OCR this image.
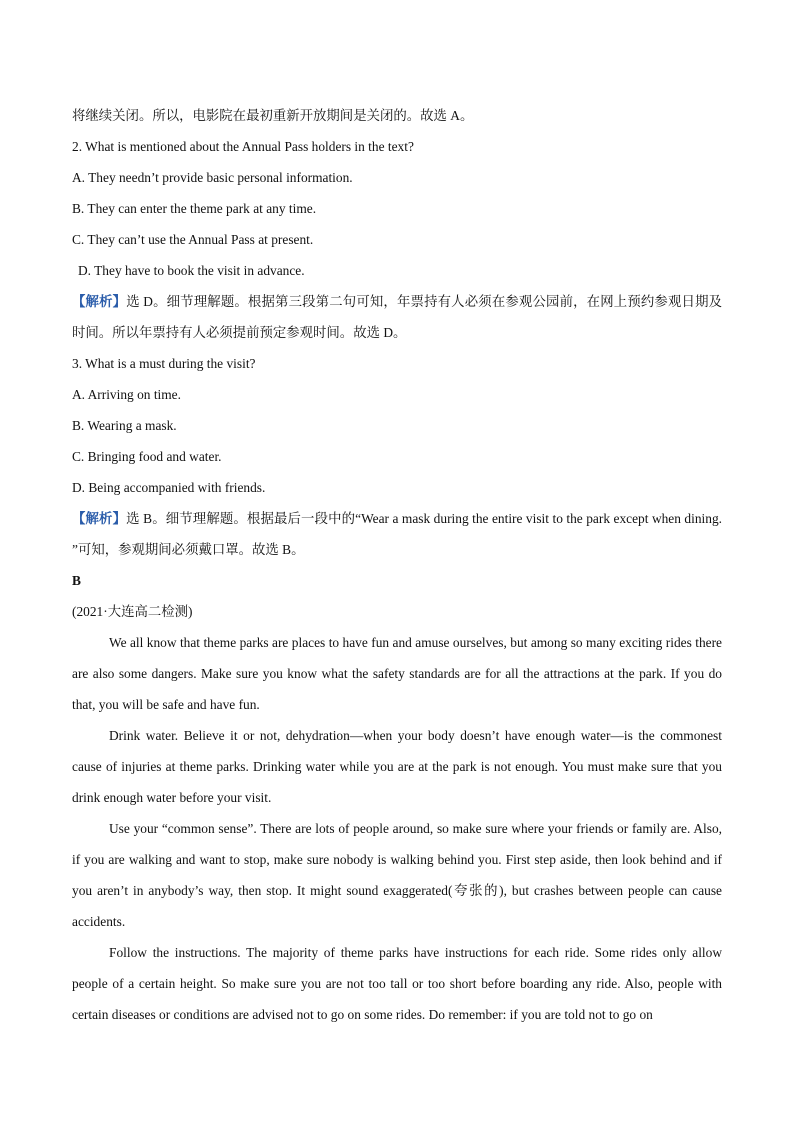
将继续关闭。所以，电影院在最初重新开放期间是关闭的。故选 A。
2. What is mentioned about the Annual Pass holders in the text?
A. They needn’t provide basic personal information.
B. They can enter the theme park at any time.
C. They can’t use the Annual Pass at present.
D. They have to book the visit in advance.

【解析】选 D。细节理解题。根据第三段第二句可知，年票持有人必须在参观公园前，在网上预约参观日期及时间。所以年票持有人必须提前预定参观时间。故选 D。

3. What is a must during the visit?
A. Arriving on time.
B. Wearing a mask.
C. Bringing food and water.
D. Being accompanied with friends.

【解析】选 B。细节理解题。根据最后一段中的“Wear a mask during the entire visit to the park except when dining. ”可知，参观期间必须戴口罩。故选 B。

B
(2021·大连高二检测)

We all know that theme parks are places to have fun and amuse ourselves, but among so many exciting rides there are also some dangers. Make sure you know what the safety standards are for all the attractions at the park. If you do that, you will be safe and have fun.

Drink water. Believe it or not, dehydration—when your body doesn’t have enough water—is the commonest cause of injuries at theme parks. Drinking water while you are at the park is not enough. You must make sure that you drink enough water before your visit.

Use your “common sense”. There are lots of people around, so make sure where your friends or family are. Also, if you are walking and want to stop, make sure nobody is walking behind you. First step aside, then look behind and if you aren’t in anybody’s way, then stop. It might sound exaggerated(夸张的), but crashes between people can cause accidents.

Follow the instructions. The majority of theme parks have instructions for each ride. Some rides only allow people of a certain height. So make sure you are not too tall or too short before boarding any ride. Also, people with certain diseases or conditions are advised not to go on some rides. Do remember: if you are told not to go on
